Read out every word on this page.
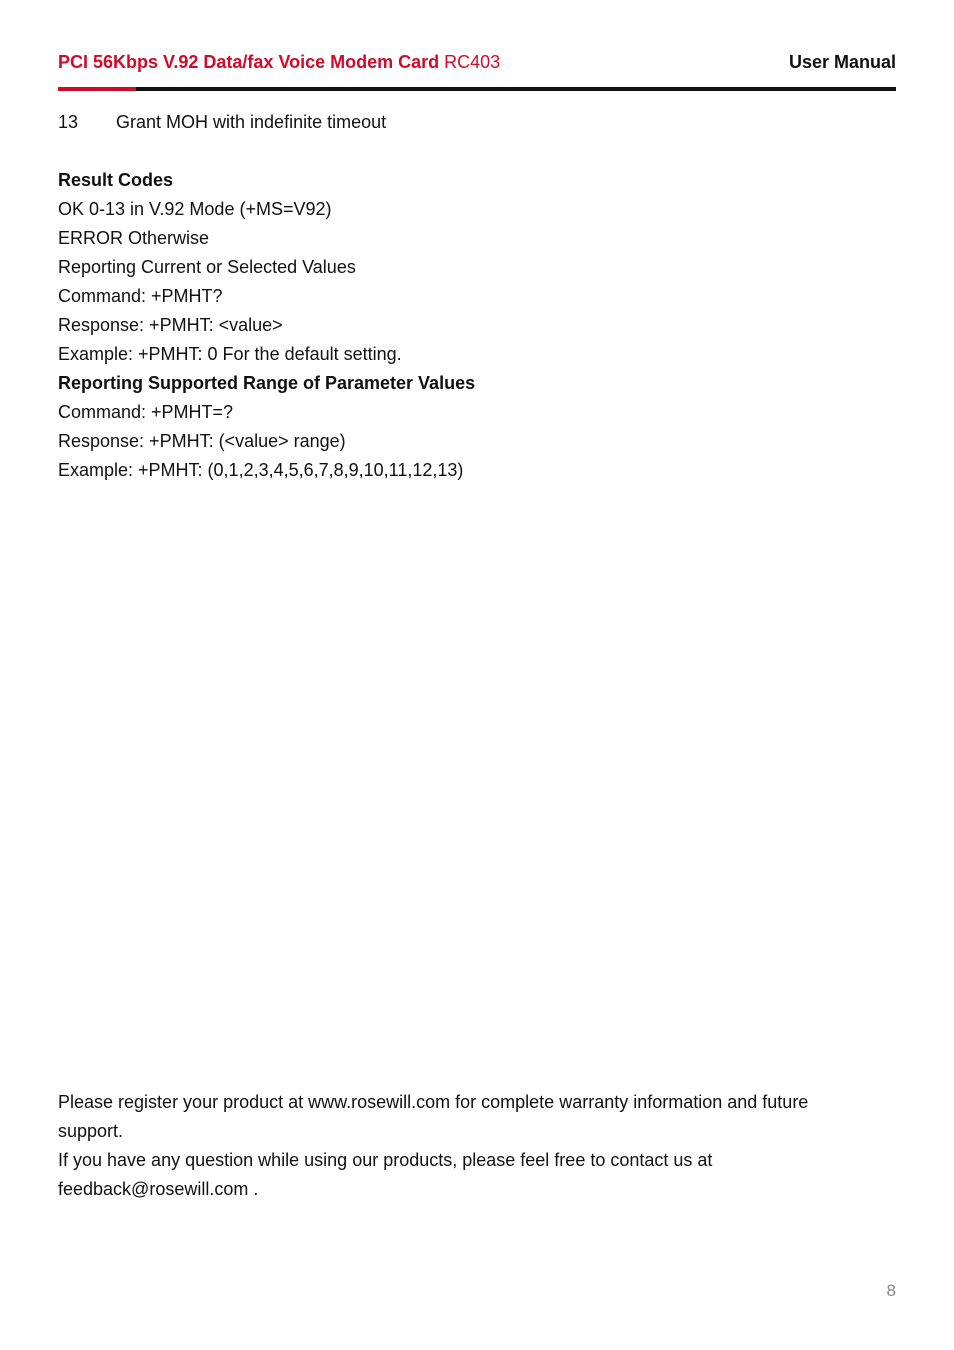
PCI 56Kbps V.92 Data/fax Voice Modem Card RC403	User Manual
13 Grant MOH with indefinite timeout
Result Codes
OK 0-13 in V.92 Mode (+MS=V92)
ERROR Otherwise
Reporting Current or Selected Values
Command: +PMHT?
Response: +PMHT: <value>
Example: +PMHT: 0 For the default setting.
Reporting Supported Range of Parameter Values
Command: +PMHT=?
Response: +PMHT: (<value> range)
Example: +PMHT: (0,1,2,3,4,5,6,7,8,9,10,11,12,13)
Please register your product at www.rosewill.com for complete warranty information and future
support.
If you have any question while using our products, please feel free to contact us at
feedback@rosewill.com .
8
